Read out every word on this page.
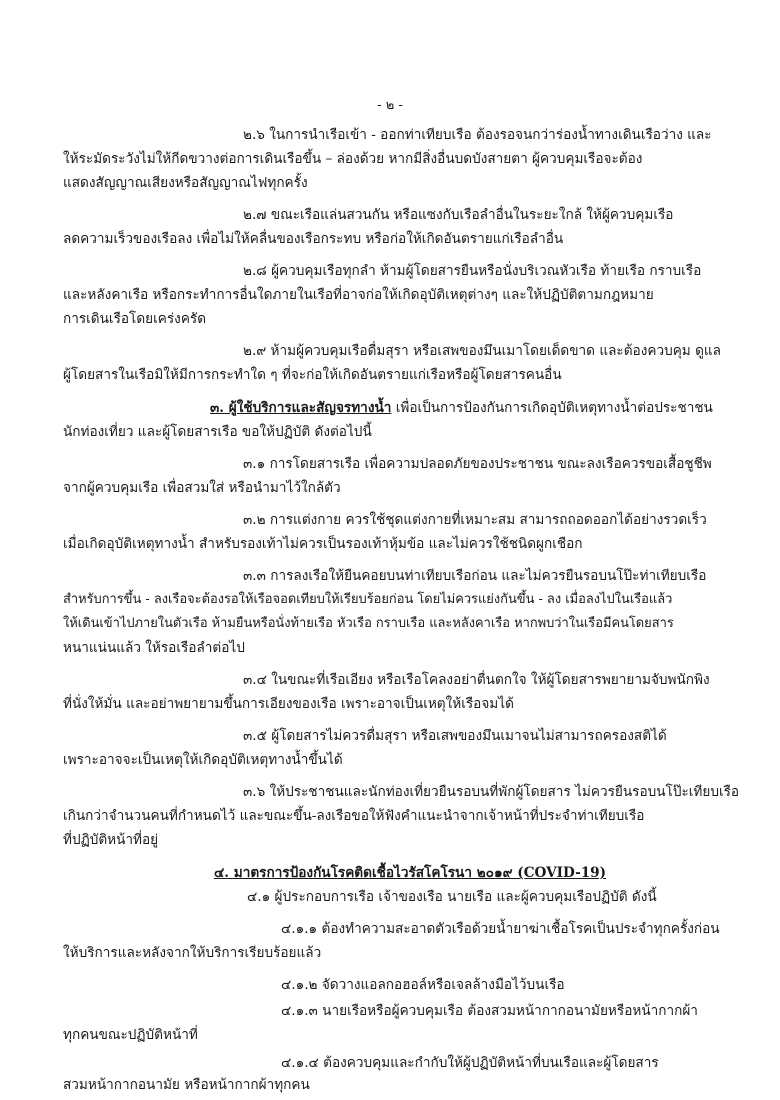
- ๒ -
๒.๖ ในการนำเรือเข้า - ออกท่าเทียบเรือ ต้องรอจนกว่าร่องน้ำทางเดินเรือว่าง และ
ให้ระมัดระวังไม่ให้กีดขวางต่อการเดินเรือขึ้น – ล่องด้วย หากมีสิ่งอื่นบดบังสายตา ผู้ควบคุมเรือจะต้อง
แสดงสัญญาณเสียงหรือสัญญาณไฟทุกครั้ง
๒.๗ ขณะเรือแล่นสวนกัน หรือแซงกับเรือลำอื่นในระยะใกล้ ให้ผู้ควบคุมเรือ
ลดความเร็วของเรือลง เพื่อไม่ให้คลื่นของเรือกระทบ หรือก่อให้เกิดอันตรายแก่เรือลำอื่น
๒.๘ ผู้ควบคุมเรือทุกลำ ห้ามผู้โดยสารยืนหรือนั่งบริเวณหัวเรือ ท้ายเรือ กราบเรือ
และหลังคาเรือ หรือกระทำการอื่นใดภายในเรือที่อาจก่อให้เกิดอุบัติเหตุต่างๆ และให้ปฏิบัติตามกฎหมาย
การเดินเรือโดยเคร่งครัด
๒.๙ ห้ามผู้ควบคุมเรือดื่มสุรา หรือเสพของมึนเมาโดยเด็ดขาด และต้องควบคุม ดูแล
ผู้โดยสารในเรือมิให้มีการกระทำใด ๆ ที่จะก่อให้เกิดอันตรายแก่เรือหรือผู้โดยสารคนอื่น
๓. ผู้ใช้บริการและสัญจรทางน้ำ เพื่อเป็นการป้องกันการเกิดอุบัติเหตุทางน้ำต่อประชาชน
นักท่องเที่ยว และผู้โดยสารเรือ ขอให้ปฏิบัติ ดังต่อไปนี้
๓.๑ การโดยสารเรือ เพื่อความปลอดภัยของประชาชน ขณะลงเรือควรขอเสื้อชูชีพ
จากผู้ควบคุมเรือ เพื่อสวมใส่ หรือนำมาไว้ใกล้ตัว
๓.๒ การแต่งกาย ควรใช้ชุดแต่งกายที่เหมาะสม สามารถถอดออกได้อย่างรวดเร็ว
เมื่อเกิดอุบัติเหตุทางน้ำ สำหรับรองเท้าไม่ควรเป็นรองเท้าหุ้มข้อ และไม่ควรใช้ชนิดผูกเชือก
๓.๓ การลงเรือให้ยืนคอยบนท่าเทียบเรือก่อน และไม่ควรยืนรอบนโป๊ะท่าเทียบเรือ
สำหรับการขึ้น - ลงเรือจะต้องรอให้เรือจอดเทียบให้เรียบร้อยก่อน โดยไม่ควรแย่งกันขึ้น - ลง เมื่อลงไปในเรือแล้ว
ให้เดินเข้าไปภายในตัวเรือ ห้ามยืนหรือนั่งท้ายเรือ หัวเรือ กราบเรือ และหลังคาเรือ หากพบว่าในเรือมีคนโดยสาร
หนาแน่นแล้ว ให้รอเรือลำต่อไป
๓.๔ ในขณะที่เรือเอียง หรือเรือโคลงอย่าตื่นตกใจ ให้ผู้โดยสารพยายามจับพนักพิง
ที่นั่งให้มั่น และอย่าพยายามขึ้นการเอียงของเรือ เพราะอาจเป็นเหตุให้เรือจมได้
๓.๕ ผู้โดยสารไม่ควรดื่มสุรา หรือเสพของมึนเมาจนไม่สามารถครองสติได้
เพราะอาจจะเป็นเหตุให้เกิดอุบัติเหตุทางน้ำขึ้นได้
๓.๖ ให้ประชาชนและนักท่องเที่ยวยืนรอบนที่พักผู้โดยสาร ไม่ควรยืนรอบนโป๊ะเทียบเรือ
เกินกว่าจำนวนคนที่กำหนดไว้ และขณะขึ้น-ลงเรือขอให้ฟังคำแนะนำจากเจ้าหน้าที่ประจำท่าเทียบเรือ
ที่ปฏิบัติหน้าที่อยู่
๔. มาตรการป้องกันโรคติดเชื้อไวรัสโคโรนา ๒๐๑๙ (COVID-19)
๔.๑ ผู้ประกอบการเรือ เจ้าของเรือ นายเรือ และผู้ควบคุมเรือปฏิบัติ ดังนี้
๔.๑.๑ ต้องทำความสะอาดตัวเรือด้วยน้ำยาฆ่าเชื้อโรคเป็นประจำทุกครั้งก่อน
ให้บริการและหลังจากให้บริการเรียบร้อยแล้ว
๔.๑.๒ จัดวางแอลกอฮอล์หรือเจลล้างมือไว้บนเรือ
๔.๑.๓ นายเรือหรือผู้ควบคุมเรือ ต้องสวมหน้ากากอนามัยหรือหน้ากากผ้า
ทุกคนขณะปฏิบัติหน้าที่
๔.๑.๔ ต้องควบคุมและกำกับให้ผู้ปฏิบัติหน้าที่บนเรือและผู้โดยสาร
สวมหน้ากากอนามัย หรือหน้ากากผ้าทุกคน
